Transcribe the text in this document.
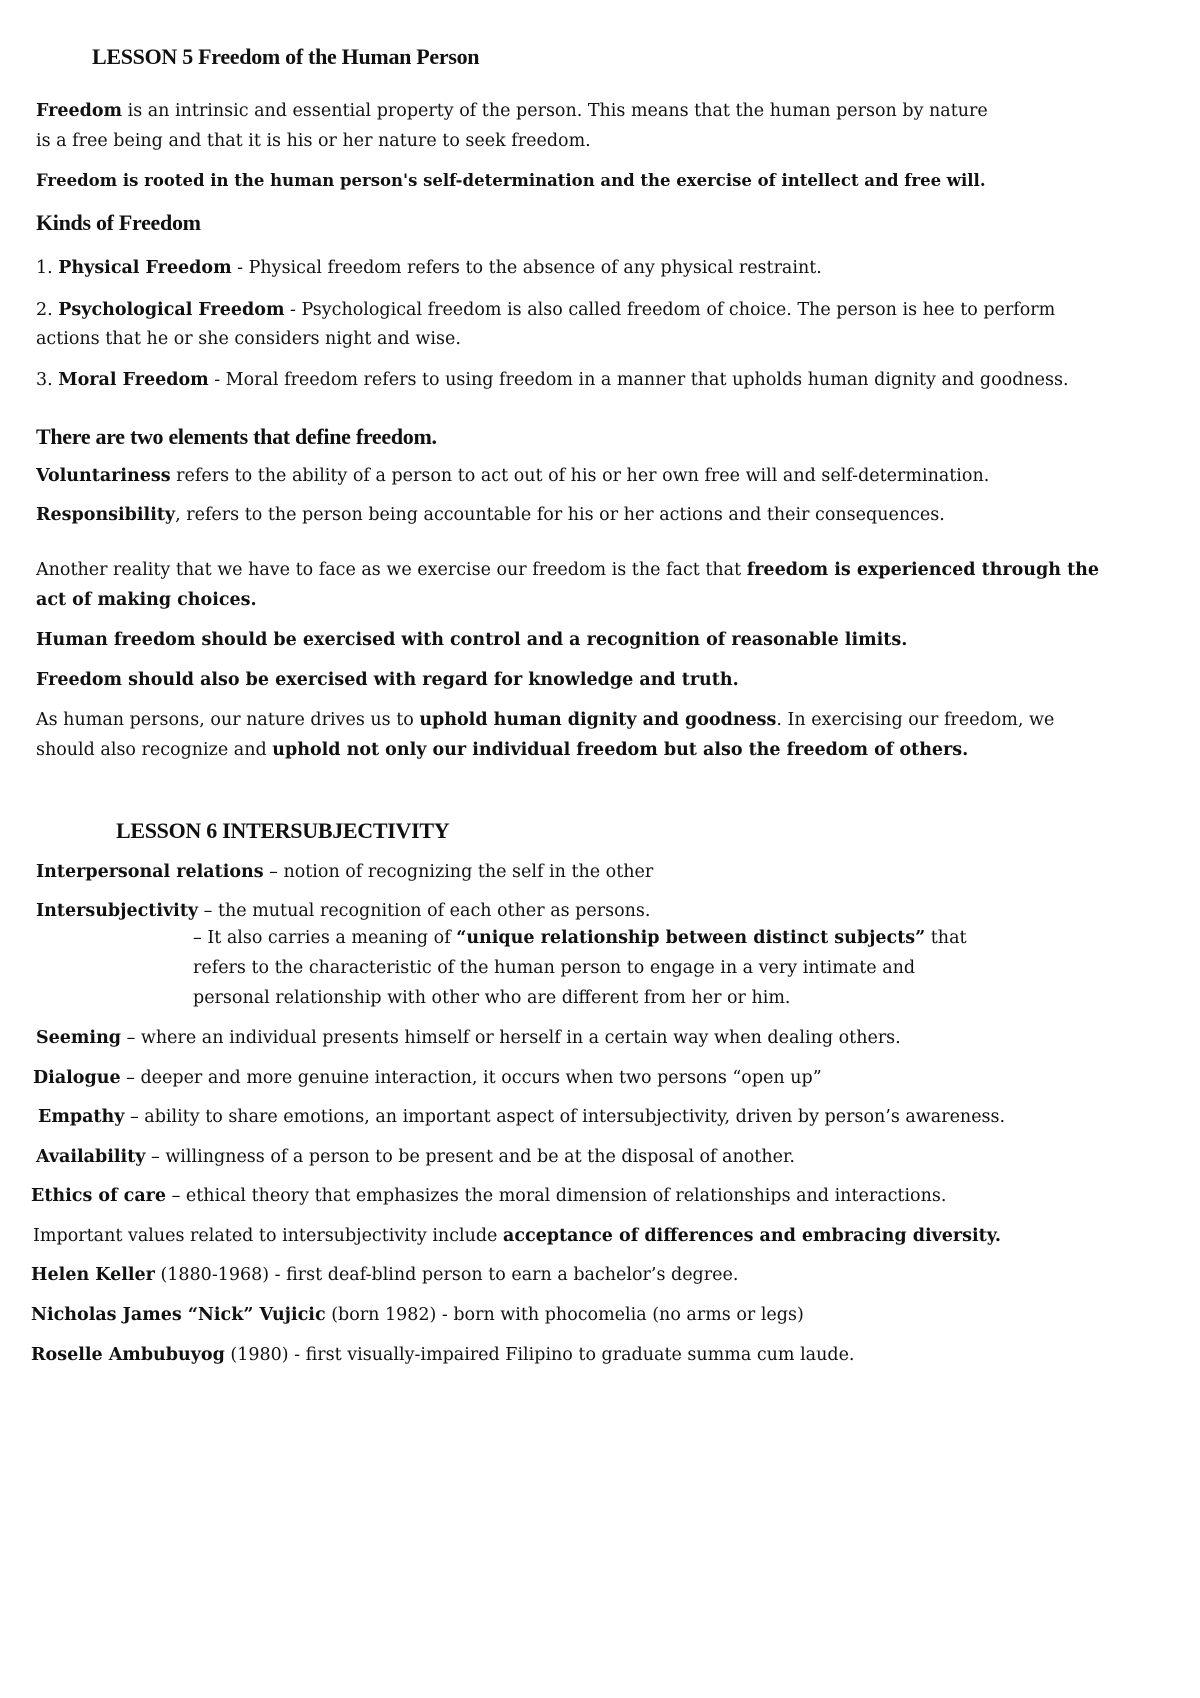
LESSON 5 Freedom of the Human Person
Freedom is an intrinsic and essential property of the person. This means that the human person by nature
is a free being and that it is his or her nature to seek freedom.
Freedom is rooted in the human person's self-determination and the exercise of intellect and free will.
Kinds of Freedom
1. Physical Freedom - Physical freedom refers to the absence of any physical restraint.
2. Psychological Freedom - Psychological freedom is also called freedom of choice. The person is hee to perform
actions that he or she considers night and wise.
3. Moral Freedom - Moral freedom refers to using freedom in a manner that upholds human dignity and goodness.
There are two elements that define freedom.
Voluntariness refers to the ability of a person to act out of his or her own free will and self-determination.
Responsibility, refers to the person being accountable for his or her actions and their consequences.
Another reality that we have to face as we exercise our freedom is the fact that freedom is experienced through the
act of making choices.
Human freedom should be exercised with control and a recognition of reasonable limits.
Freedom should also be exercised with regard for knowledge and truth.
As human persons, our nature drives us to uphold human dignity and goodness. In exercising our freedom, we
should also recognize and uphold not only our individual freedom but also the freedom of others.
LESSON 6 INTERSUBJECTIVITY
Interpersonal relations – notion of recognizing the self in the other
Intersubjectivity – the mutual recognition of each other as persons.
– It also carries a meaning of “unique relationship between distinct subjects” that
refers to the characteristic of the human person to engage in a very intimate and
personal relationship with other who are different from her or him.
Seeming – where an individual presents himself or herself in a certain way when dealing others.
Dialogue – deeper and more genuine interaction, it occurs when two persons “open up”
Empathy – ability to share emotions, an important aspect of intersubjectivity, driven by person’s awareness.
Availability – willingness of a person to be present and be at the disposal of another.
Ethics of care – ethical theory that emphasizes the moral dimension of relationships and interactions.
Important values related to intersubjectivity include acceptance of differences and embracing diversity.
Helen Keller (1880-1968) - first deaf-blind person to earn a bachelor’s degree.
Nicholas James “Nick” Vujicic (born 1982) - born with phocomelia (no arms or legs)
Roselle Ambubuyog (1980) - first visually-impaired Filipino to graduate summa cum laude.
